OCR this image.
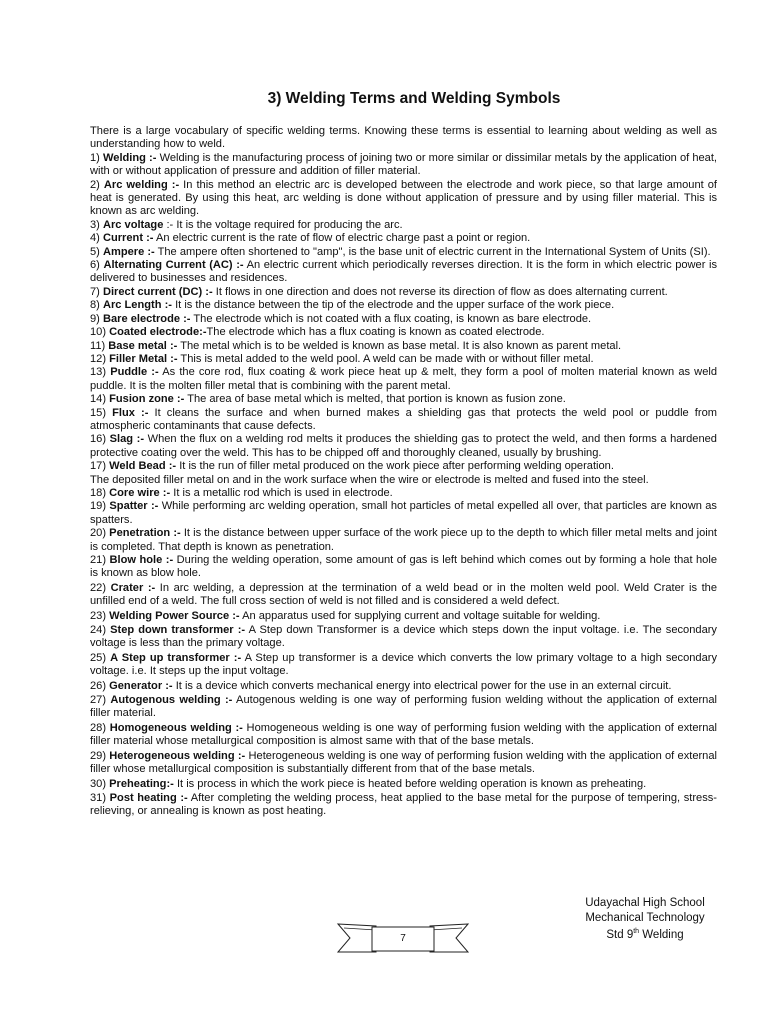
3) Welding Terms and Welding Symbols

There is a large vocabulary of specific welding terms. Knowing these terms is essential to learning about welding as well as understanding how to weld.

1) Welding :- Welding is the manufacturing process of joining two or more similar or dissimilar metals by the application of heat, with or without application of pressure and addition of filler material.

2) Arc welding :- In this method an electric arc is developed between the electrode and work piece, so that large amount of heat is generated. By using this heat, arc welding is done without application of pressure and by using filler material. This is known as arc welding.

3) Arc voltage :- It is the voltage required for producing the arc.

4) Current :- An electric current is the rate of flow of electric charge past a point or region.

5) Ampere :- The ampere often shortened to "amp", is the base unit of electric current in the International System of Units (SI).

6) Alternating Current (AC) :- An electric current which periodically reverses direction. It is the form in which electric power is delivered to businesses and residences.

7) Direct current (DC) :- It flows in one direction and does not reverse its direction of flow as does alternating current.

8) Arc Length :- It is the distance between the tip of the electrode and the upper surface of the work piece.

9) Bare electrode :- The electrode which is not coated with a flux coating, is known as bare electrode.

10) Coated electrode:-The electrode which has a flux coating is known as coated electrode.

11) Base metal :- The metal which is to be welded is known as base metal. It is also known as parent metal.

12) Filler Metal :- This is metal added to the weld pool. A weld can be made with or without filler metal.

13) Puddle :- As the core rod, flux coating & work piece heat up & melt, they form a pool of molten material known as weld puddle. It is the molten filler metal that is combining with the parent metal.

14) Fusion zone :- The area of base metal which is melted, that portion is known as fusion zone.

15) Flux :- It cleans the surface and when burned makes a shielding gas that protects the weld pool or puddle from atmospheric contaminants that cause defects.

16) Slag :- When the flux on a welding rod melts it produces the shielding gas to protect the weld, and then forms a hardened protective coating over the weld. This has to be chipped off and thoroughly cleaned, usually by brushing.

17) Weld Bead :- It is the run of filler metal produced on the work piece after performing welding operation.

The deposited filler metal on and in the work surface when the wire or electrode is melted and fused into the steel.

18) Core wire :- It is a metallic rod which is used in electrode.

19) Spatter :- While performing arc welding operation, small hot particles of metal expelled all over, that particles are known as spatters.

20) Penetration :- It is the distance between upper surface of the work piece up to the depth to which filler metal melts and joint is completed. That depth is known as penetration.

21) Blow hole :- During the welding operation, some amount of gas is left behind which comes out by forming a hole that hole is known as blow hole.

22) Crater :- In arc welding, a depression at the termination of a weld bead or in the molten weld pool. Weld Crater is the unfilled end of a weld. The full cross section of weld is not filled and is considered a weld defect.

23) Welding Power Source :- An apparatus used for supplying current and voltage suitable for welding.

24) Step down transformer :- A Step down Transformer is a device which steps down the input voltage. i.e. The secondary voltage is less than the primary voltage.

25) A Step up transformer :- A Step up transformer is a device which converts the low primary voltage to a high secondary voltage. i.e. It steps up the input voltage.

26) Generator :- It is a device which converts mechanical energy into electrical power for the use in an external circuit.

27) Autogenous welding :- Autogenous welding is one way of performing fusion welding without the application of external filler material.

28) Homogeneous welding :- Homogeneous welding is one way of performing fusion welding with the application of external filler material whose metallurgical composition is almost same with that of the base metals.

29) Heterogeneous welding :- Heterogeneous welding is one way of performing fusion welding with the application of external filler whose metallurgical composition is substantially different from that of the base metals.

30) Preheating:- It is process in which the work piece is heated before welding operation is known as preheating.

31) Post heating :- After completing the welding process, heat applied to the base metal for the purpose of tempering, stress-relieving, or annealing is known as post heating.

Udayachal High School
Mechanical Technology
Std 9th Welding
7
